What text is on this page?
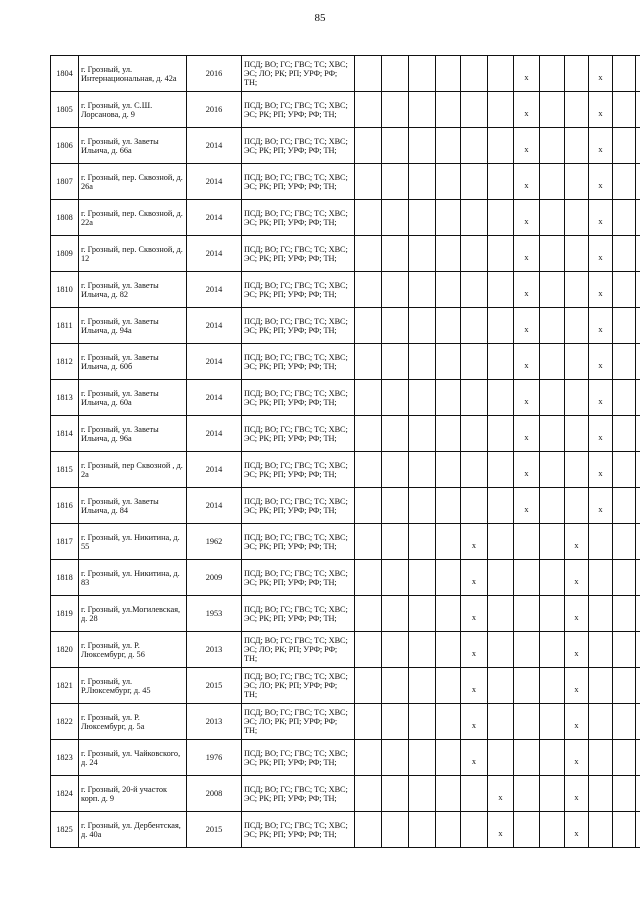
85
1804	г. Грозный, ул. Интернациональная, д. 42а	2016	ПСД; ВО; ГС; ГВС; ТС; ХВС; ЭС; ЛО; РК; РП; УРФ; РФ; ТН;							x			x		
1805	г. Грозный, ул. С.Ш. Лорсанова, д. 9	2016	ПСД; ВО; ГС; ГВС; ТС; ХВС; ЭС; РК; РП; УРФ; РФ; ТН;							x			x		
1806	г. Грозный, ул. Заветы Ильича, д. 66а	2014	ПСД; ВО; ГС; ГВС; ТС; ХВС; ЭС; РК; РП; УРФ; РФ; ТН;							x			x		
1807	г. Грозный, пер. Сквозной, д. 26а	2014	ПСД; ВО; ГС; ГВС; ТС; ХВС; ЭС; РК; РП; УРФ; РФ; ТН;							x			x		
1808	г. Грозный, пер. Сквозной, д. 22а	2014	ПСД; ВО; ГС; ГВС; ТС; ХВС; ЭС; РК; РП; УРФ; РФ; ТН;							x			x		
1809	г. Грозный, пер. Сквозной, д. 12	2014	ПСД; ВО; ГС; ГВС; ТС; ХВС; ЭС; РК; РП; УРФ; РФ; ТН;							x			x		
1810	г. Грозный, ул. Заветы Ильича, д. 82	2014	ПСД; ВО; ГС; ГВС; ТС; ХВС; ЭС; РК; РП; УРФ; РФ; ТН;							x			x		
1811	г. Грозный, ул. Заветы Ильича, д. 94а	2014	ПСД; ВО; ГС; ГВС; ТС; ХВС; ЭС; РК; РП; УРФ; РФ; ТН;							x			x		
1812	г. Грозный, ул. Заветы Ильича, д. 60б	2014	ПСД; ВО; ГС; ГВС; ТС; ХВС; ЭС; РК; РП; УРФ; РФ; ТН;							x			x		
1813	г. Грозный, ул. Заветы Ильича, д. 60а	2014	ПСД; ВО; ГС; ГВС; ТС; ХВС; ЭС; РК; РП; УРФ; РФ; ТН;							x			x		
1814	г. Грозный, ул. Заветы Ильича, д. 96а	2014	ПСД; ВО; ГС; ГВС; ТС; ХВС; ЭС; РК; РП; УРФ; РФ; ТН;							x			x		
1815	г. Грозный, пер Сквозной , д. 2а	2014	ПСД; ВО; ГС; ГВС; ТС; ХВС; ЭС; РК; РП; УРФ; РФ; ТН;							x			x		
1816	г. Грозный, ул. Заветы Ильича, д. 84	2014	ПСД; ВО; ГС; ГВС; ТС; ХВС; ЭС; РК; РП; УРФ; РФ; ТН;							x			x		
1817	г. Грозный, ул. Никитина, д. 55	1962	ПСД; ВО; ГС; ГВС; ТС; ХВС; ЭС; РК; РП; УРФ; РФ; ТН;					x				x			
1818	г. Грозный, ул. Никитина, д. 83	2009	ПСД; ВО; ГС; ГВС; ТС; ХВС; ЭС; РК; РП; УРФ; РФ; ТН;					x				x			
1819	г. Грозный, ул.Могилевская, д. 28	1953	ПСД; ВО; ГС; ГВС; ТС; ХВС; ЭС; РК; РП; УРФ; РФ; ТН;					x				x			
1820	г. Грозный, ул. Р. Люксембург, д. 56	2013	ПСД; ВО; ГС; ГВС; ТС; ХВС; ЭС; ЛО; РК; РП; УРФ; РФ; ТН;					x				x			
1821	г. Грозный, ул. Р.Люксембург, д. 45	2015	ПСД; ВО; ГС; ГВС; ТС; ХВС; ЭС; ЛО; РК; РП; УРФ; РФ; ТН;					x				x			
1822	г. Грозный, ул. Р. Люксембург, д. 5а	2013	ПСД; ВО; ГС; ГВС; ТС; ХВС; ЭС; ЛО; РК; РП; УРФ; РФ; ТН;					x				x			
1823	г. Грозный, ул. Чайковского, д. 24	1976	ПСД; ВО; ГС; ГВС; ТС; ХВС; ЭС; РК; РП; УРФ; РФ; ТН;					x				x			
1824	г. Грозный, 20-й участок корп. д. 9	2008	ПСД; ВО; ГС; ГВС; ТС; ХВС; ЭС; РК; РП; УРФ; РФ; ТН;						x			x			
1825	г. Грозный, ул. Дербентская, д. 40а	2015	ПСД; ВО; ГС; ГВС; ТС; ХВС; ЭС; РК; РП; УРФ; РФ; ТН;						x			x			
